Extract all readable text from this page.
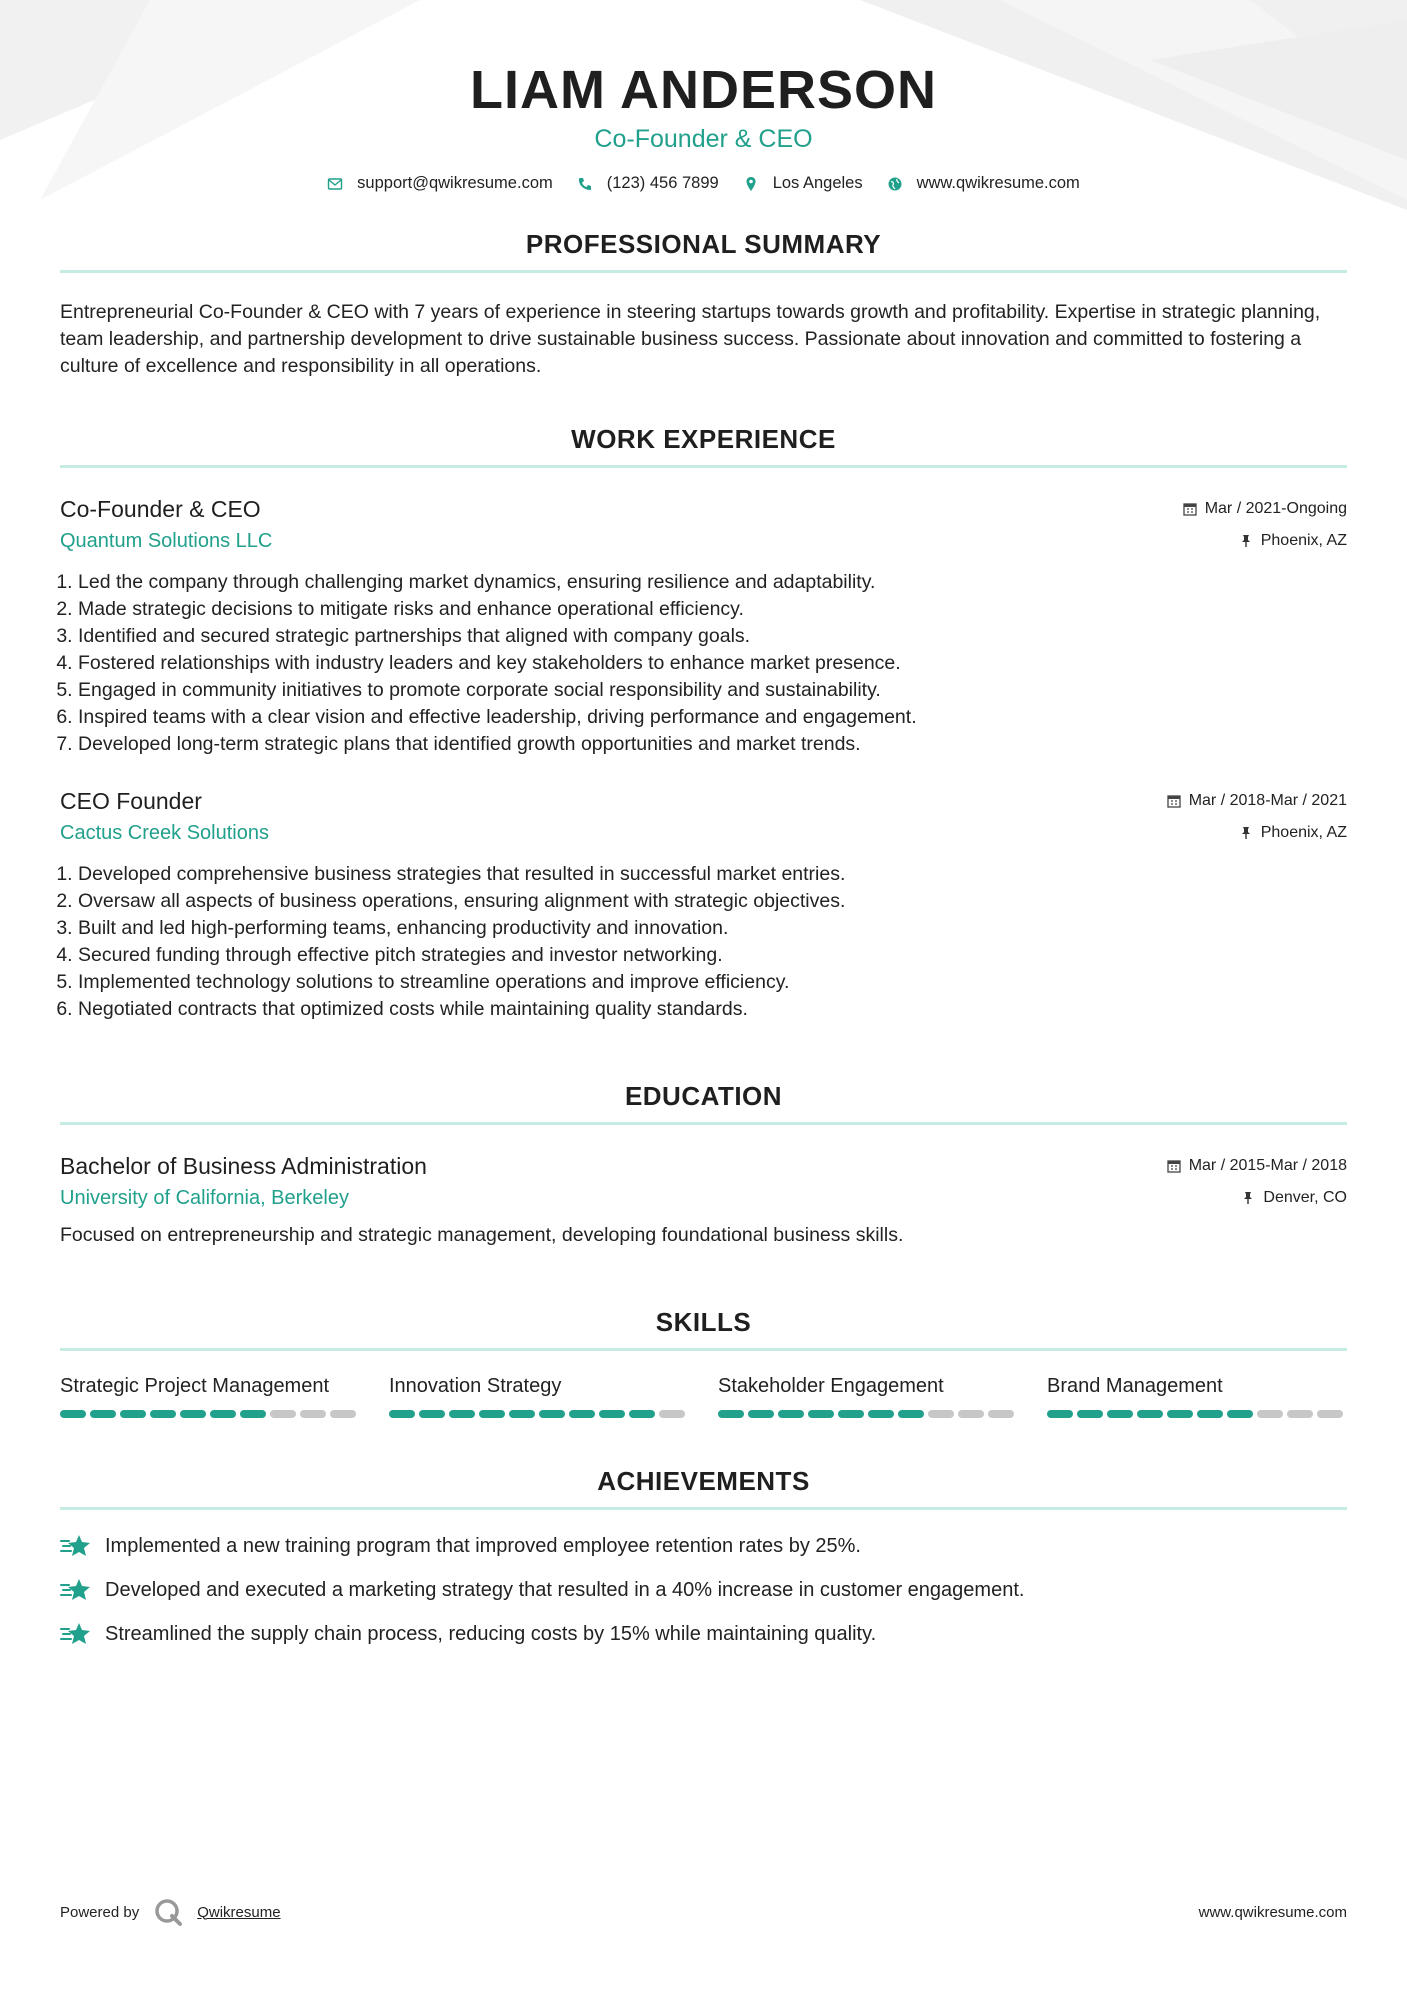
LIAM ANDERSON
Co-Founder & CEO
support@qwikresume.com	(123) 456 7899	Los Angeles	www.qwikresume.com
PROFESSIONAL SUMMARY
Entrepreneurial Co-Founder & CEO with 7 years of experience in steering startups towards growth and profitability. Expertise in strategic planning, team leadership, and partnership development to drive sustainable business success. Passionate about innovation and committed to fostering a culture of excellence and responsibility in all operations.
WORK EXPERIENCE
Co-Founder & CEO
Quantum Solutions LLC
Mar / 2021-Ongoing
Phoenix, AZ
1. Led the company through challenging market dynamics, ensuring resilience and adaptability.
2. Made strategic decisions to mitigate risks and enhance operational efficiency.
3. Identified and secured strategic partnerships that aligned with company goals.
4. Fostered relationships with industry leaders and key stakeholders to enhance market presence.
5. Engaged in community initiatives to promote corporate social responsibility and sustainability.
6. Inspired teams with a clear vision and effective leadership, driving performance and engagement.
7. Developed long-term strategic plans that identified growth opportunities and market trends.
CEO Founder
Cactus Creek Solutions
Mar / 2018-Mar / 2021
Phoenix, AZ
1. Developed comprehensive business strategies that resulted in successful market entries.
2. Oversaw all aspects of business operations, ensuring alignment with strategic objectives.
3. Built and led high-performing teams, enhancing productivity and innovation.
4. Secured funding through effective pitch strategies and investor networking.
5. Implemented technology solutions to streamline operations and improve efficiency.
6. Negotiated contracts that optimized costs while maintaining quality standards.
EDUCATION
Bachelor of Business Administration
University of California, Berkeley
Mar / 2015-Mar / 2018
Denver, CO
Focused on entrepreneurship and strategic management, developing foundational business skills.
SKILLS
Strategic Project Management	Innovation Strategy	Stakeholder Engagement	Brand Management
ACHIEVEMENTS
Implemented a new training program that improved employee retention rates by 25%.
Developed and executed a marketing strategy that resulted in a 40% increase in customer engagement.
Streamlined the supply chain process, reducing costs by 15% while maintaining quality.
Powered by	Qwikresume	www.qwikresume.com
